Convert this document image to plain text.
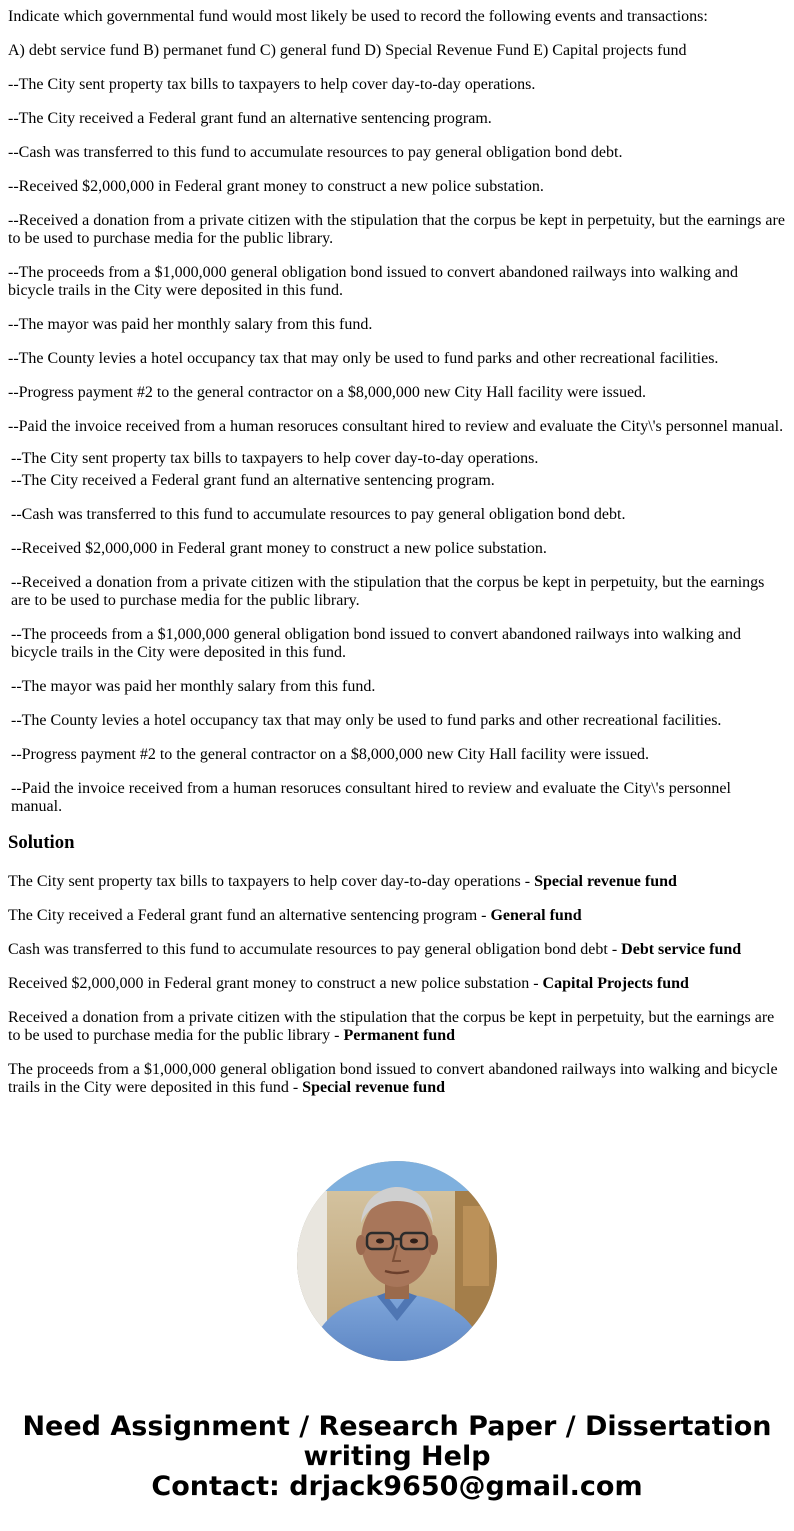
Indicate which governmental fund would most likely be used to record the following events and transactions:

A) debt service fund B) permanet fund C) general fund D) Special Revenue Fund E) Capital projects fund

--The City sent property tax bills to taxpayers to help cover day-to-day operations.

--The City received a Federal grant fund an alternative sentencing program.

--Cash was transferred to this fund to accumulate resources to pay general obligation bond debt.

--Received $2,000,000 in Federal grant money to construct a new police substation.

--Received a donation from a private citizen with the stipulation that the corpus be kept in perpetuity, but the earnings are to be used to purchase media for the public library.

--The proceeds from a $1,000,000 general obligation bond issued to convert abandoned railways into walking and bicycle trails in the City were deposited in this fund.

--The mayor was paid her monthly salary from this fund.

--The County levies a hotel occupancy tax that may only be used to fund parks and other recreational facilities.

--Progress payment #2 to the general contractor on a $8,000,000 new City Hall facility were issued.

--Paid the invoice received from a human resoruces consultant hired to review and evaluate the City\'s personnel manual.

--The City sent property tax bills to taxpayers to help cover day-to-day operations.
--The City received a Federal grant fund an alternative sentencing program.
--Cash was transferred to this fund to accumulate resources to pay general obligation bond debt.
--Received $2,000,000 in Federal grant money to construct a new police substation.
--Received a donation from a private citizen with the stipulation that the corpus be kept in perpetuity, but the earnings are to be used to purchase media for the public library.
--The proceeds from a $1,000,000 general obligation bond issued to convert abandoned railways into walking and bicycle trails in the City were deposited in this fund.
--The mayor was paid her monthly salary from this fund.
--The County levies a hotel occupancy tax that may only be used to fund parks and other recreational facilities.
--Progress payment #2 to the general contractor on a $8,000,000 new City Hall facility were issued.
--Paid the invoice received from a human resoruces consultant hired to review and evaluate the City\'s personnel manual.
Solution

The City sent property tax bills to taxpayers to help cover day-to-day operations - Special revenue fund

The City received a Federal grant fund an alternative sentencing program - General fund

Cash was transferred to this fund to accumulate resources to pay general obligation bond debt - Debt service fund

Received $2,000,000 in Federal grant money to construct a new police substation - Capital Projects fund

Received a donation from a private citizen with the stipulation that the corpus be kept in perpetuity, but the earnings are to be used to purchase media for the public library - Permanent fund

The proceeds from a $1,000,000 general obligation bond issued to convert abandoned railways into walking and bicycle trails in the City were deposited in this fund - Special revenue fund

Need Assignment / Research Paper / Dissertation
writing Help
Contact: drjack9650@gmail.com
